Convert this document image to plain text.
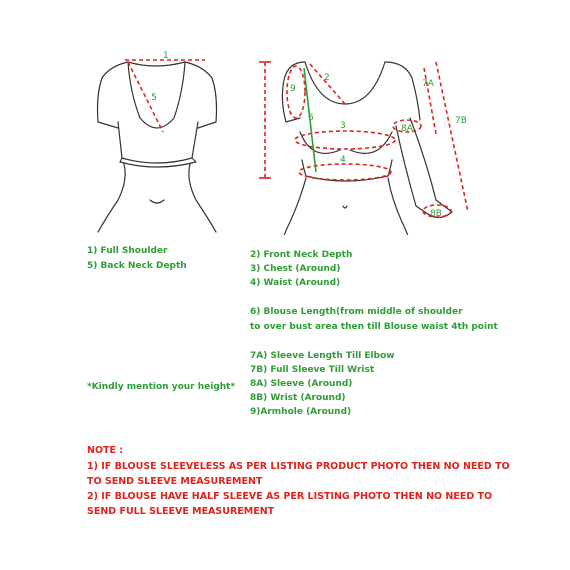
1
5
2
9
6
3
4
7A
7B
8A
8B
1) Full Shoulder
5) Back Neck Depth
2) Front Neck Depth
3) Chest (Around)
4) Waist (Around)
6) Blouse Length(from middle of shoulder
to over bust area then till Blouse waist 4th point
7A) Sleeve Length Till Elbow
7B) Full Sleeve Till Wrist
8A) Sleeve (Around)
8B) Wrist (Around)
9)Armhole (Around)
*Kindly mention your height*
NOTE :
1) IF BLOUSE SLEEVELESS AS PER LISTING PRODUCT PHOTO THEN NO NEED TO
TO SEND SLEEVE MEASUREMENT
2) IF BLOUSE HAVE HALF SLEEVE AS PER LISTING PHOTO THEN NO NEED TO
SEND FULL SLEEVE MEASUREMENT
